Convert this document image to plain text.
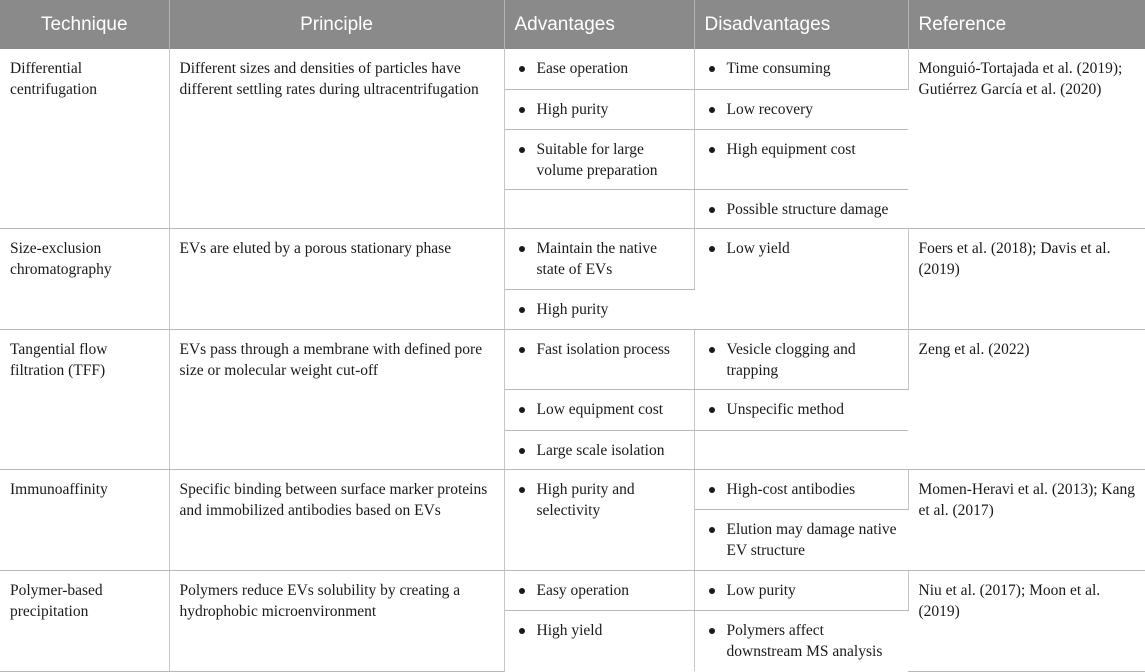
Technique	Principle	Advantages	Disadvantages	Reference
Differential centrifugation	Different sizes and densities of particles have different settling rates during ultracentrifugation	Ease operation	Time consuming	Monguió-Tortajada et al. (2019); Gutiérrez García et al. (2020)

		High purity	Low recovery	

		Suitable for large volume preparation	High equipment cost	

			Possible structure damage	

Size-exclusion chromatography	EVs are eluted by a porous stationary phase	Maintain the native state of EVs	Low yield	Foers et al. (2018); Davis et al. (2019)

		High purity		

Tangential flow filtration (TFF)	EVs pass through a membrane with defined pore size or molecular weight cut-off	Fast isolation process	Vesicle clogging and trapping	Zeng et al. (2022)

		Low equipment cost	Unspecific method	

		Large scale isolation		

Immunoaffinity	Specific binding between surface marker proteins and immobilized antibodies based on EVs	High purity and selectivity	High-cost antibodies	Momen-Heravi et al. (2013); Kang et al. (2017)

			Elution may damage native EV structure	

Polymer-based precipitation	Polymers reduce EVs solubility by creating a hydrophobic microenvironment	Easy operation	Low purity	Niu et al. (2017); Moon et al. (2019)

		High yield	Polymers affect downstream MS analysis	
